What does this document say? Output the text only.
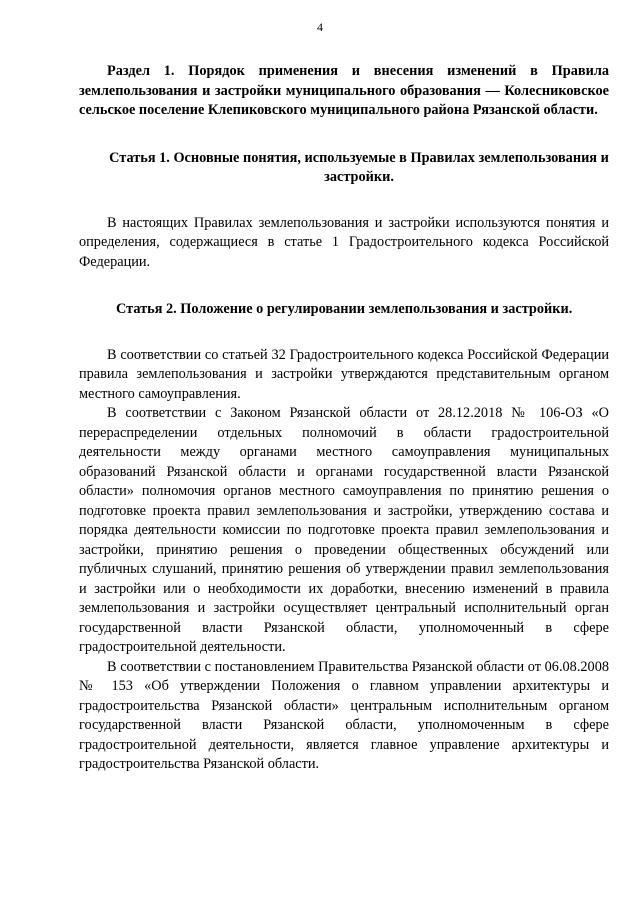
4

Раздел 1. Порядок применения и внесения изменений в Правила землепользования и застройки муниципального образования — Колесниковское сельское поселение Клепиковского муниципального района Рязанской области.

Статья 1. Основные понятия, используемые в Правилах землепользования и застройки.

В настоящих Правилах землепользования и застройки используются понятия и определения, содержащиеся в статье 1 Градостроительного кодекса Российской Федерации.

Статья 2. Положение о регулировании землепользования и застройки.

В соответствии со статьей 32 Градостроительного кодекса Российской Федерации правила землепользования и застройки утверждаются представительным органом местного самоуправления.

В соответствии с Законом Рязанской области от 28.12.2018 № 106-ОЗ «О перераспределении отдельных полномочий в области градостроительной деятельности между органами местного самоуправления муниципальных образований Рязанской области и органами государственной власти Рязанской области» полномочия органов местного самоуправления по принятию решения о подготовке проекта правил землепользования и застройки, утверждению состава и порядка деятельности комиссии по подготовке проекта правил землепользования и застройки, принятию решения о проведении общественных обсуждений или публичных слушаний, принятию решения об утверждении правил землепользования и застройки или о необходимости их доработки, внесению изменений в правила землепользования и застройки осуществляет центральный исполнительный орган государственной власти Рязанской области, уполномоченный в сфере градостроительной деятельности.

В соответствии с постановлением Правительства Рязанской области от 06.08.2008 № 153 «Об утверждении Положения о главном управлении архитектуры и градостроительства Рязанской области» центральным исполнительным органом государственной власти Рязанской области, уполномоченным в сфере градостроительной деятельности, является главное управление архитектуры и градостроительства Рязанской области.
